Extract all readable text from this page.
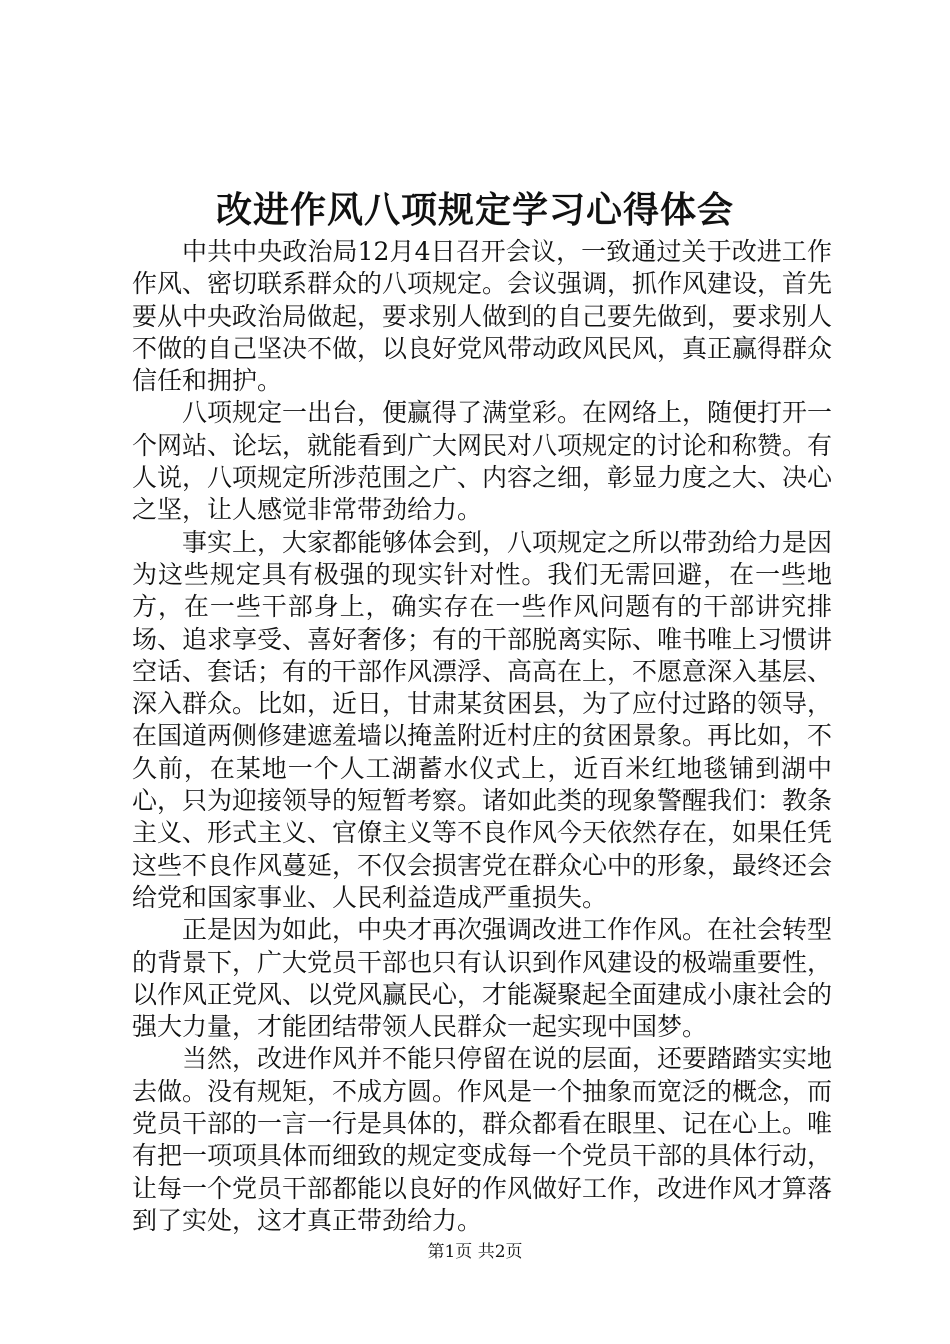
改进作风八项规定学习心得体会

中共中央政治局12月4日召开会议，一致通过关于改进工作作风、密切联系群众的八项规定。会议强调，抓作风建设，首先要从中央政治局做起，要求别人做到的自己要先做到，要求别人不做的自己坚决不做，以良好党风带动政风民风，真正赢得群众信任和拥护。

八项规定一出台，便赢得了满堂彩。在网络上，随便打开一个网站、论坛，就能看到广大网民对八项规定的讨论和称赞。有人说，八项规定所涉范围之广、内容之细，彰显力度之大、决心之坚，让人感觉非常带劲给力。

事实上，大家都能够体会到，八项规定之所以带劲给力是因为这些规定具有极强的现实针对性。我们无需回避，在一些地方，在一些干部身上，确实存在一些作风问题有的干部讲究排场、追求享受、喜好奢侈；有的干部脱离实际、唯书唯上习惯讲空话、套话；有的干部作风漂浮、高高在上，不愿意深入基层、深入群众。比如，近日，甘肃某贫困县，为了应付过路的领导，在国道两侧修建遮羞墙以掩盖附近村庄的贫困景象。再比如，不久前，在某地一个人工湖蓄水仪式上，近百米红地毯铺到湖中心，只为迎接领导的短暂考察。诸如此类的现象警醒我们：教条主义、形式主义、官僚主义等不良作风今天依然存在，如果任凭这些不良作风蔓延，不仅会损害党在群众心中的形象，最终还会给党和国家事业、人民利益造成严重损失。

正是因为如此，中央才再次强调改进工作作风。在社会转型的背景下，广大党员干部也只有认识到作风建设的极端重要性，以作风正党风、以党风赢民心，才能凝聚起全面建成小康社会的强大力量，才能团结带领人民群众一起实现中国梦。

当然，改进作风并不能只停留在说的层面，还要踏踏实实地去做。没有规矩，不成方圆。作风是一个抽象而宽泛的概念，而党员干部的一言一行是具体的，群众都看在眼里、记在心上。唯有把一项项具体而细致的规定变成每一个党员干部的具体行动，让每一个党员干部都能以良好的作风做好工作，改进作风才算落到了实处，这才真正带劲给力。

第1页 共2页
